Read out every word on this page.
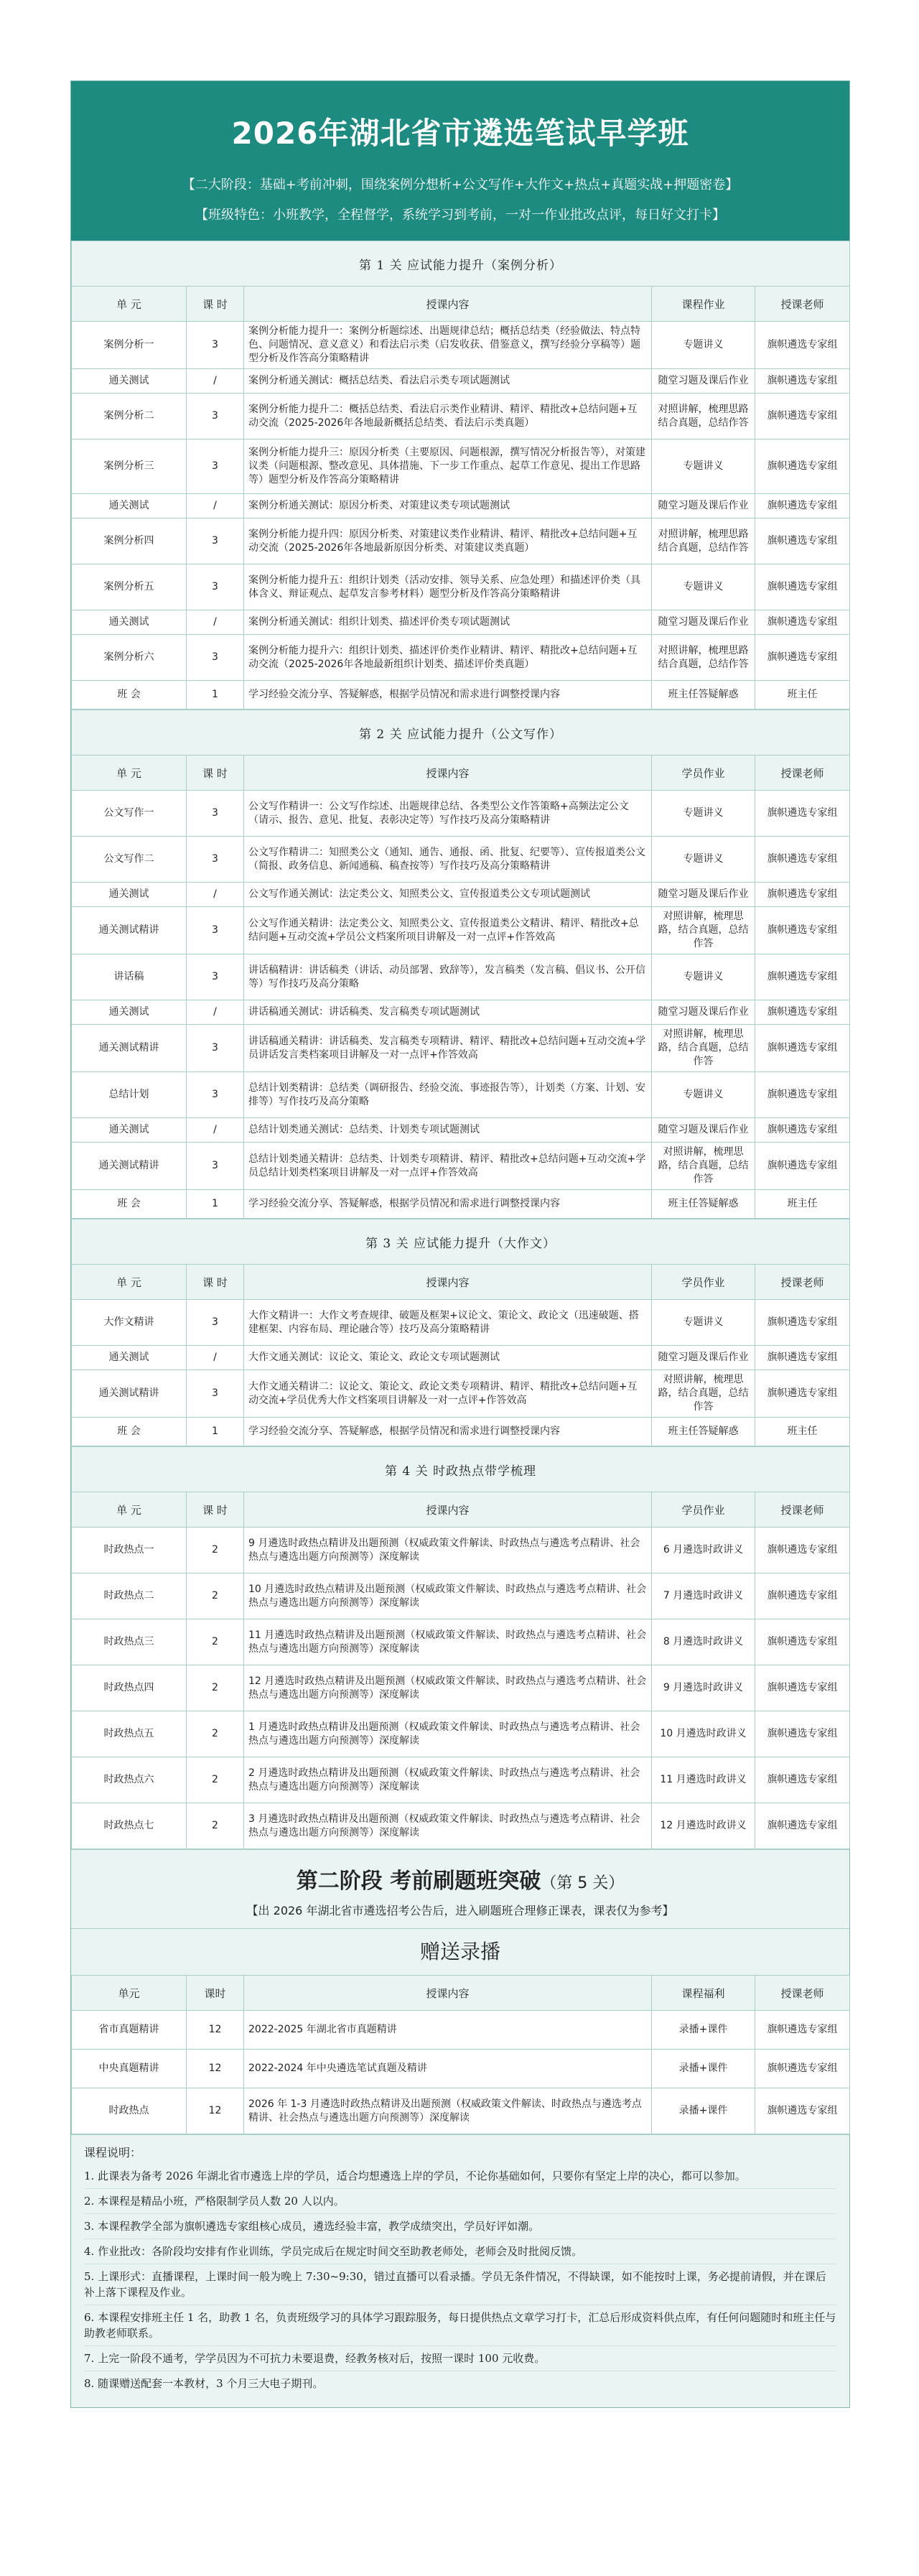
2026年湖北省市遴选笔试早学班
【二大阶段：基础+考前冲刺，围绕案例分想析+公文写作+大作文+热点+真题实战+押题密卷】
【班级特色：小班教学，全程督学，系统学习到考前，一对一作业批改点评，每日好文打卡】
第 1 关 应试能力提升（案例分析）				
单 元	课 时	授课内容	课程作业	授课老师
案例分析一	3	案例分析能力提升一：案例分析题综述、出题规律总结；概括总结类（经验做法、特点特色、问题情况、意义意义）和看法启示类（启发收获、借鉴意义，撰写经验分享稿等）题型分析及作答高分策略精讲	专题讲义	旗帜遴选专家组
通关测试	/	案例分析通关测试：概括总结类、看法启示类专项试题测试	随堂习题及课后作业	旗帜遴选专家组
案例分析二	3	案例分析能力提升二：概括总结类、看法启示类作业精讲、精评、精批改+总结问题+互动交流（2025-2026年各地最新概括总结类、看法启示类真题）	对照讲解，梳理思路结合真题，总结作答	旗帜遴选专家组
案例分析三	3	案例分析能力提升三：原因分析类（主要原因、问题根源，撰写情况分析报告等），对策建议类（问题根源、整改意见、具体措施、下一步工作重点、起草工作意见、提出工作思路等）题型分析及作答高分策略精讲	专题讲义	旗帜遴选专家组
通关测试	/	案例分析通关测试：原因分析类、对策建议类专项试题测试	随堂习题及课后作业	旗帜遴选专家组
案例分析四	3	案例分析能力提升四：原因分析类、对策建议类作业精讲、精评、精批改+总结问题+互动交流（2025-2026年各地最新原因分析类、对策建议类真题）	对照讲解，梳理思路结合真题，总结作答	旗帜遴选专家组
案例分析五	3	案例分析能力提升五：组织计划类（活动安排、领导关系、应急处理）和描述评价类（具体含义、辩证观点、起草发言参考材料）题型分析及作答高分策略精讲	专题讲义	旗帜遴选专家组
通关测试	/	案例分析通关测试：组织计划类、描述评价类专项试题测试	随堂习题及课后作业	旗帜遴选专家组
案例分析六	3	案例分析能力提升六：组织计划类、描述评价类作业精讲、精评、精批改+总结问题+互动交流（2025-2026年各地最新组织计划类、描述评价类真题）	对照讲解，梳理思路结合真题，总结作答	旗帜遴选专家组
班 会	1	学习经验交流分享、答疑解惑，根据学员情况和需求进行调整授课内容	班主任答疑解惑	班主任
第 2 关 应试能力提升（公文写作）				
单 元	课 时	授课内容	学员作业	授课老师
公文写作一	3	公文写作精讲一：公文写作综述、出题规律总结、各类型公文作答策略+高频法定公文（请示、报告、意见、批复、表彰决定等）写作技巧及高分策略精讲	专题讲义	旗帜遴选专家组
公文写作二	3	公文写作精讲二：知照类公文（通知、通告、通报、函、批复、纪要等）、宣传报道类公文（简报、政务信息、新闻通稿、稿查按等）写作技巧及高分策略精讲	专题讲义	旗帜遴选专家组
通关测试	/	公文写作通关测试：法定类公文、知照类公文、宣传报道类公文专项试题测试	随堂习题及课后作业	旗帜遴选专家组
通关测试精讲	3	公文写作通关精讲：法定类公文、知照类公文、宣传报道类公文精讲、精评、精批改+总结问题+互动交流+学员公文档案所项目讲解及一对一点评+作答效高	对照讲解，梳理思路，结合真题，总结作答	旗帜遴选专家组
讲话稿	3	讲话稿精讲：讲话稿类（讲话、动员部署、致辞等），发言稿类（发言稿、倡议书、公开信等）写作技巧及高分策略	专题讲义	旗帜遴选专家组
通关测试	/	讲话稿通关测试：讲话稿类、发言稿类专项试题测试	随堂习题及课后作业	旗帜遴选专家组
通关测试精讲	3	讲话稿通关精讲：讲话稿类、发言稿类专项精讲、精评、精批改+总结问题+互动交流+学员讲话发言类档案项目讲解及一对一点评+作答效高	对照讲解，梳理思路，结合真题，总结作答	旗帜遴选专家组
总结计划	3	总结计划类精讲：总结类（调研报告、经验交流、事迹报告等），计划类（方案、计划、安排等）写作技巧及高分策略	专题讲义	旗帜遴选专家组
通关测试	/	总结计划类通关测试：总结类、计划类专项试题测试	随堂习题及课后作业	旗帜遴选专家组
通关测试精讲	3	总结计划类通关精讲：总结类、计划类专项精讲、精评、精批改+总结问题+互动交流+学员总结计划类档案项目讲解及一对一点评+作答效高	对照讲解，梳理思路，结合真题，总结作答	旗帜遴选专家组
班 会	1	学习经验交流分享、答疑解惑，根据学员情况和需求进行调整授课内容	班主任答疑解惑	班主任
第 3 关 应试能力提升（大作文）				
单 元	课 时	授课内容	学员作业	授课老师
大作文精讲	3	大作文精讲一：大作文考查规律、破题及框架+议论文、策论文、政论文（迅速破题、搭建框架、内容布局、理论融合等）技巧及高分策略精讲	专题讲义	旗帜遴选专家组
通关测试	/	大作文通关测试：议论文、策论文、政论文专项试题测试	随堂习题及课后作业	旗帜遴选专家组
通关测试精讲	3	大作文通关精讲二：议论文、策论文、政论文类专项精讲、精评、精批改+总结问题+互动交流+学员优秀大作文档案项目讲解及一对一点评+作答效高	对照讲解，梳理思路，结合真题，总结作答	旗帜遴选专家组
班 会	1	学习经验交流分享、答疑解惑，根据学员情况和需求进行调整授课内容	班主任答疑解惑	班主任
第 4 关 时政热点带学梳理				
单 元	课 时	授课内容	学员作业	授课老师
时政热点一	2	9 月遴选时政热点精讲及出题预测（权威政策文件解读、时政热点与遴选考点精讲、社会热点与遴选出题方向预测等）深度解读	6 月遴选时政讲义	旗帜遴选专家组
时政热点二	2	10 月遴选时政热点精讲及出题预测（权威政策文件解读、时政热点与遴选考点精讲、社会热点与遴选出题方向预测等）深度解读	7 月遴选时政讲义	旗帜遴选专家组
时政热点三	2	11 月遴选时政热点精讲及出题预测（权威政策文件解读、时政热点与遴选考点精讲、社会热点与遴选出题方向预测等）深度解读	8 月遴选时政讲义	旗帜遴选专家组
时政热点四	2	12 月遴选时政热点精讲及出题预测（权威政策文件解读、时政热点与遴选考点精讲、社会热点与遴选出题方向预测等）深度解读	9 月遴选时政讲义	旗帜遴选专家组
时政热点五	2	1 月遴选时政热点精讲及出题预测（权威政策文件解读、时政热点与遴选考点精讲、社会热点与遴选出题方向预测等）深度解读	10 月遴选时政讲义	旗帜遴选专家组
时政热点六	2	2 月遴选时政热点精讲及出题预测（权威政策文件解读、时政热点与遴选考点精讲、社会热点与遴选出题方向预测等）深度解读	11 月遴选时政讲义	旗帜遴选专家组
时政热点七	2	3 月遴选时政热点精讲及出题预测（权威政策文件解读、时政热点与遴选考点精讲、社会热点与遴选出题方向预测等）深度解读	12 月遴选时政讲义	旗帜遴选专家组
第二阶段 考前刷题班突破（第 5 关）
【出 2026 年湖北省市遴选招考公告后，进入刷题班合理修正课表，课表仅为参考】
赠送录播
单元	课时	授课内容	课程福利	授课老师
省市真题精讲	12	2022-2025 年湖北省市真题精讲	录播+课件	旗帜遴选专家组
中央真题精讲	12	2022-2024 年中央遴选笔试真题及精讲	录播+课件	旗帜遴选专家组
时政热点	12	2026 年 1-3 月遴选时政热点精讲及出题预测（权威政策文件解读、时政热点与遴选考点精讲、社会热点与遴选出题方向预测等）深度解读	录播+课件	旗帜遴选专家组
课程说明：
1. 此课表为备考 2026 年湖北省市遴选上岸的学员，适合均想遴选上岸的学员，不论你基础如何，只要你有坚定上岸的决心，都可以参加。
2. 本课程是精品小班，严格限制学员人数 20 人以内。
3. 本课程教学全部为旗帜遴选专家组核心成员，遴选经验丰富，教学成绩突出，学员好评如潮。
4. 作业批改：各阶段均安排有作业训练，学员完成后在规定时间交至助教老师处，老师会及时批阅反馈。
5. 上课形式：直播课程，上课时间一般为晚上 7:30~9:30，错过直播可以看录播。学员无条件情况，不得缺课，如不能按时上课，务必提前请假，并在课后补上落下课程及作业。
6. 本课程安排班主任 1 名，助教 1 名，负责班级学习的具体学习跟踪服务，每日提供热点文章学习打卡，汇总后形成资料供点库，有任何问题随时和班主任与助教老师联系。
7. 上完一阶段不通考，学学员因为不可抗力未要退费，经教务核对后，按照一课时 100 元收费。
8. 随课赠送配套一本教材，3 个月三大电子期刊。
